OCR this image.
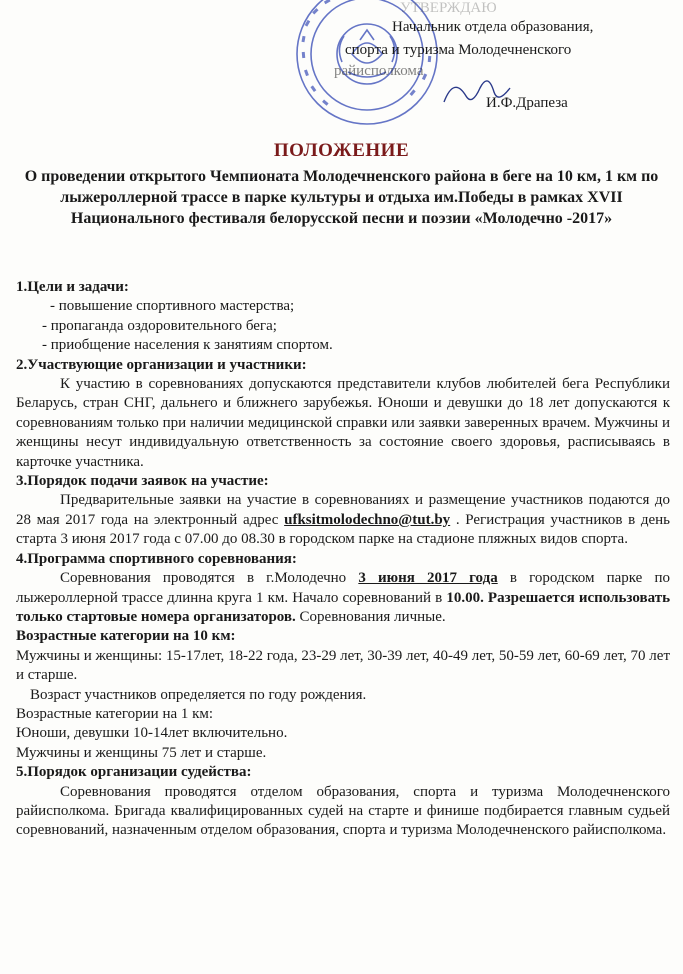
УТВЕРЖДАЮ
Начальник отдела образования,
спорта и туризма Молодечненского
райисполкома
И.Ф.Драпеза
ПОЛОЖЕНИЕ
О проведении открытого Чемпионата Молодечненского района в беге на 10 км, 1 км по лыжероллерной трассе в парке культуры и отдыха им.Победы в рамках XVII Национального фестиваля белорусской песни и поэзии «Молодечно -2017»

1.Цели и задачи:

- повышение спортивного мастерства;

- пропаганда оздоровительного бега;

- приобщение населения к занятиям спортом.

2.Участвующие организации и участники:

К участию в соревнованиях допускаются представители клубов любителей бега Республики Беларусь, стран СНГ, дальнего и ближнего зарубежья. Юноши и девушки до 18 лет допускаются к соревнованиям только при наличии медицинской справки или заявки заверенных врачем. Мужчины и женщины несут индивидуальную ответственность за состояние своего здоровья, расписываясь в карточке участника.

3.Порядок подачи заявок на участие:

Предварительные заявки на участие в соревнованиях и размещение участников подаются до 28 мая 2017 года на электронный адрес ufksitmolodechno@tut.by . Регистрация участников в день старта 3 июня 2017 года с 07.00 до 08.30 в городском парке на стадионе пляжных видов спорта.

4.Программа спортивного соревнования:

Соревнования проводятся в г.Молодечно 3 июня 2017 года в городском парке по лыжероллерной трассе длинна круга 1 км. Начало соревнований в 10.00. Разрешается использовать только стартовые номера организаторов. Соревнования личные.

Возрастные категории на 10 км:

Мужчины и женщины: 15-17лет, 18-22 года, 23-29 лет, 30-39 лет, 40-49 лет, 50-59 лет, 60-69 лет, 70 лет и старше.

Возраст участников определяется по году рождения.

Возрастные категории на 1 км:

Юноши, девушки 10-14лет включительно.

Мужчины и женщины 75 лет и старше.

5.Порядок организации судейства:

Соревнования проводятся отделом образования, спорта и туризма Молодечненского райисполкома. Бригада квалифицированных судей на старте и финише подбирается главным судьей соревнований, назначенным отделом образования, спорта и туризма Молодечненского райисполкома.
